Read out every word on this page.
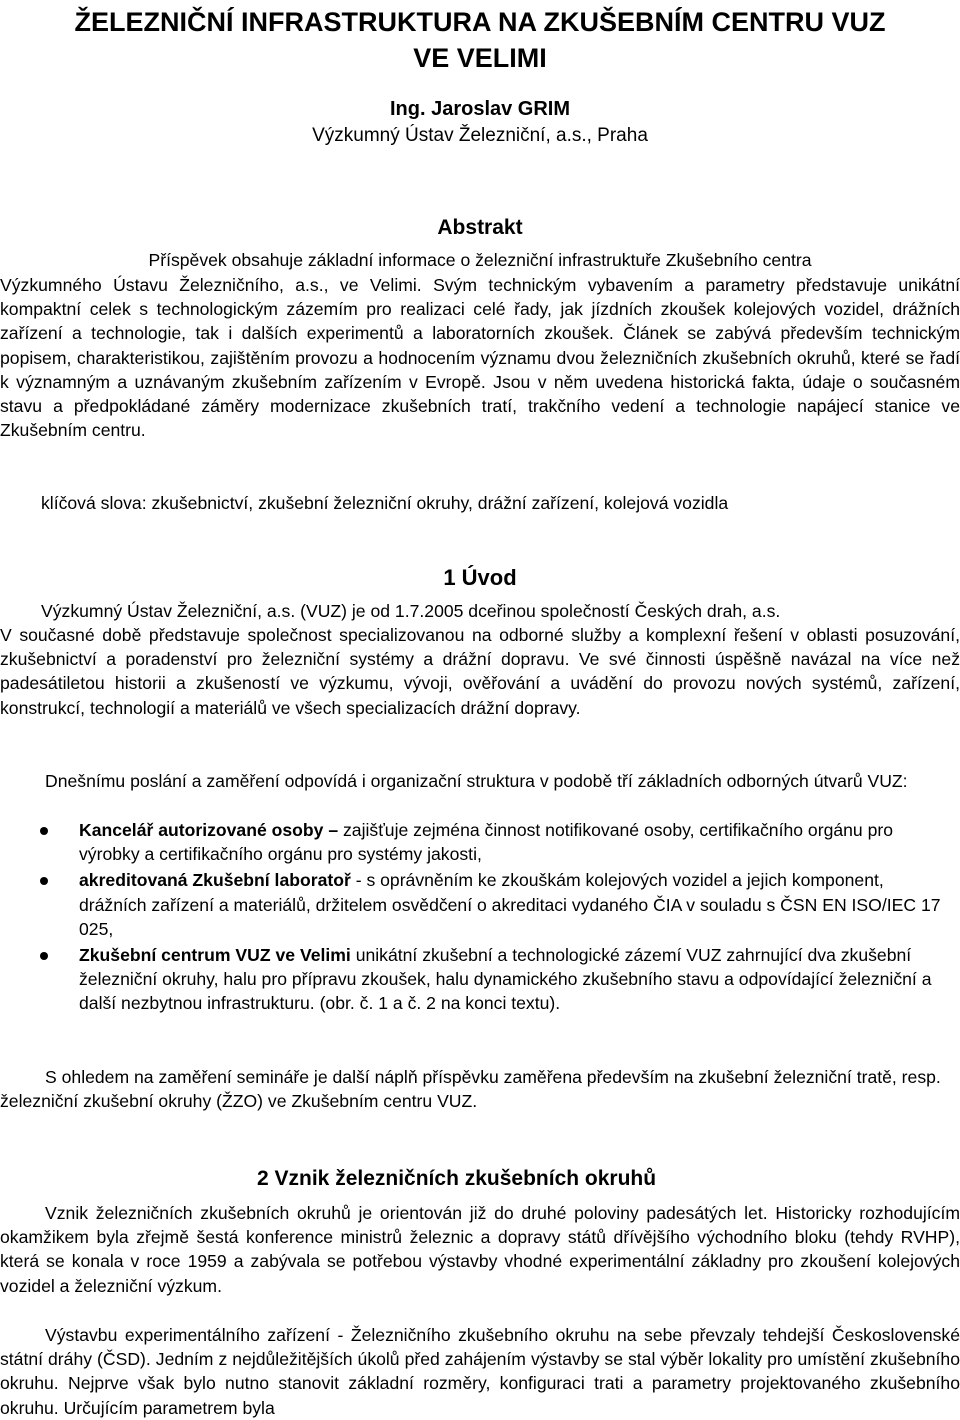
ŽELEZNIČNÍ INFRASTRUKTURA NA ZKUŠEBNÍM CENTRU VUZ
VE VELIMI
Ing. Jaroslav GRIM
Výzkumný Ústav Železniční, a.s., Praha
Abstrakt
Příspěvek obsahuje základní informace o železniční infrastruktuře Zkušebního centra

Výzkumného Ústavu Železničního, a.s., ve Velimi. Svým technickým vybavením a parametry představuje unikátní kompaktní celek s technologickým zázemím pro realizaci celé řady, jak jízdních zkoušek kolejových vozidel, drážních zařízení a technologie, tak i dalších experimentů a laboratorních zkoušek. Článek se zabývá především technickým popisem, charakteristikou, zajištěním provozu a hodnocením významu dvou železničních zkušebních okruhů, které se řadí k významným a uznávaným zkušebním zařízením v Evropě. Jsou v něm uvedena historická fakta, údaje o současném stavu a předpokládané záměry modernizace zkušebních tratí, trakčního vedení a technologie napájecí stanice ve Zkušebním centru.

klíčová slova: zkušebnictví, zkušební železniční okruhy, drážní zařízení, kolejová vozidla

1 Úvod

Výzkumný Ústav Železniční, a.s. (VUZ) je od 1.7.2005 dceřinou společností Českých drah, a.s.

V současné době představuje společnost specializovanou na odborné služby a komplexní řešení v oblasti posuzování, zkušebnictví a poradenství pro železniční systémy a drážní dopravu. Ve své činnosti úspěšně navázal na více než padesátiletou historii a zkušeností ve výzkumu, vývoji, ověřování a uvádění do provozu nových systémů, zařízení, konstrukcí, technologií a materiálů ve všech specializacích drážní dopravy.

Dnešnímu poslání a zaměření odpovídá i organizační struktura v podobě tří základních odborných útvarů VUZ:

Kancelář autorizované osoby – zajišťuje zejména činnost notifikované osoby, certifikačního orgánu pro výrobky a certifikačního orgánu pro systémy jakosti,
akreditovaná Zkušební laboratoř - s oprávněním ke zkouškám kolejových vozidel a jejich komponent, drážních zařízení a materiálů, držitelem osvědčení o akreditaci vydaného ČIA v souladu s ČSN EN ISO/IEC 17 025,
Zkušební centrum VUZ ve Velimi unikátní zkušební a technologické zázemí VUZ zahrnující dva zkušební železniční okruhy, halu pro přípravu zkoušek, halu dynamického zkušebního stavu a odpovídající železniční a další nezbytnou infrastrukturu. (obr. č. 1 a č. 2 na konci textu).

S ohledem na zaměření semináře je další náplň příspěvku zaměřena především na zkušební železniční tratě, resp. železniční zkušební okruhy (ŽZO) ve Zkušebním centru VUZ.

2 Vznik železničních zkušebních okruhů

Vznik železničních zkušebních okruhů je orientován již do druhé poloviny padesátých let. Historicky rozhodujícím okamžikem byla zřejmě šestá konference ministrů železnic a dopravy států dřívějšího východního bloku (tehdy RVHP), která se konala v roce 1959 a zabývala se potřebou výstavby vhodné experimentální základny pro zkoušení kolejových vozidel a železniční výzkum.

Výstavbu experimentálního zařízení - Železničního zkušebního okruhu na sebe převzaly tehdejší Československé státní dráhy (ČSD). Jedním z nejdůležitějších úkolů před zahájením výstavby se stal výběr lokality pro umístění zkušebního okruhu. Nejprve však bylo nutno stanovit základní rozměry, konfiguraci trati a parametry projektovaného zkušebního okruhu. Určujícím parametrem byla
